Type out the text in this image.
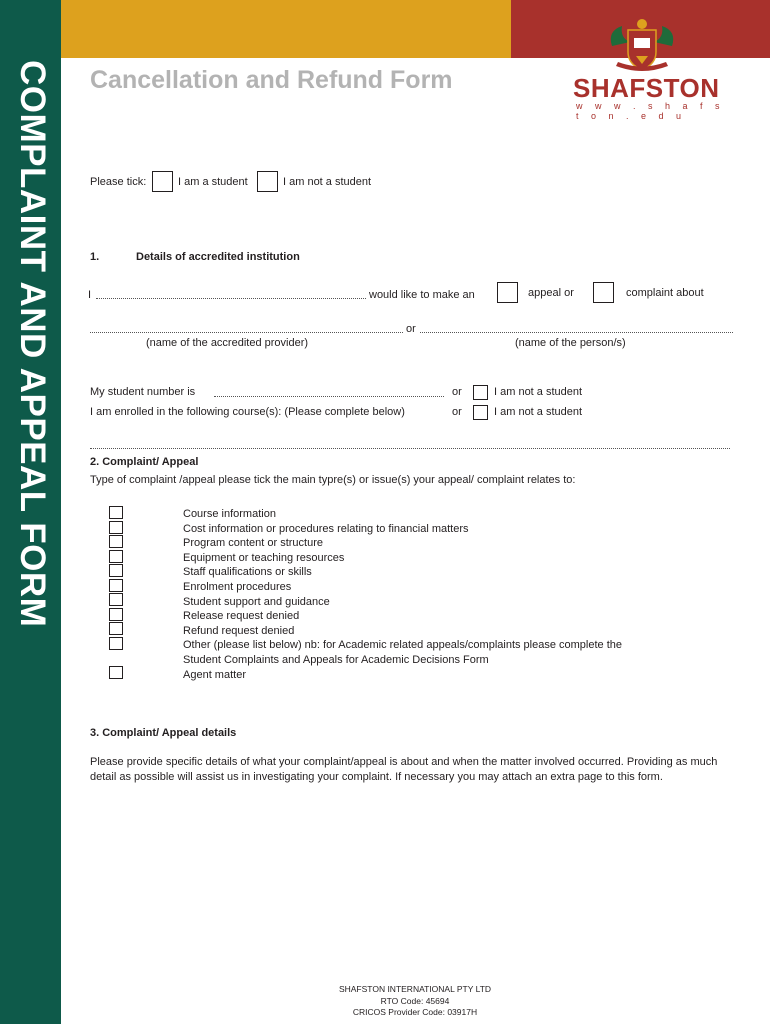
COMPLAINT AND APPEAL FORM Cancellation and Refund Form	SHAFSTON
w w w . s h a f s t o n . e d u
Please tick:	I am a student	I am not a student
1.	Details of accredited institution
I	would like to make an	appeal or	complaint about
or
(name of the accredited provider)	(name of the person/s)
My student number is	or	I am not a student
I am enrolled in the following course(s): (Please complete below)	or	I am not a student
2. Complaint/ Appeal
Type of complaint /appeal please tick the main typre(s) or issue(s) your appeal/ complaint relates to:
Course information
Cost information or procedures relating to financial matters
Program content or structure
Equipment or teaching resources
Staff qualifications or skills
Enrolment procedures
Student support and guidance
Release request denied
Refund request denied
Other (please list below) nb: for Academic related appeals/complaints please complete the
Student Complaints and Appeals for Academic Decisions Form
Agent matter
3. Complaint/ Appeal details
Please provide specific details of what your complaint/appeal is about and when the matter involved occurred. Providing as much detail as possible will assist us in investigating your complaint. If necessary you may attach an extra page to this form.
SHAFSTON INTERNATIONAL PTY LTD
RTO Code: 45694
CRICOS Provider Code: 03917H
